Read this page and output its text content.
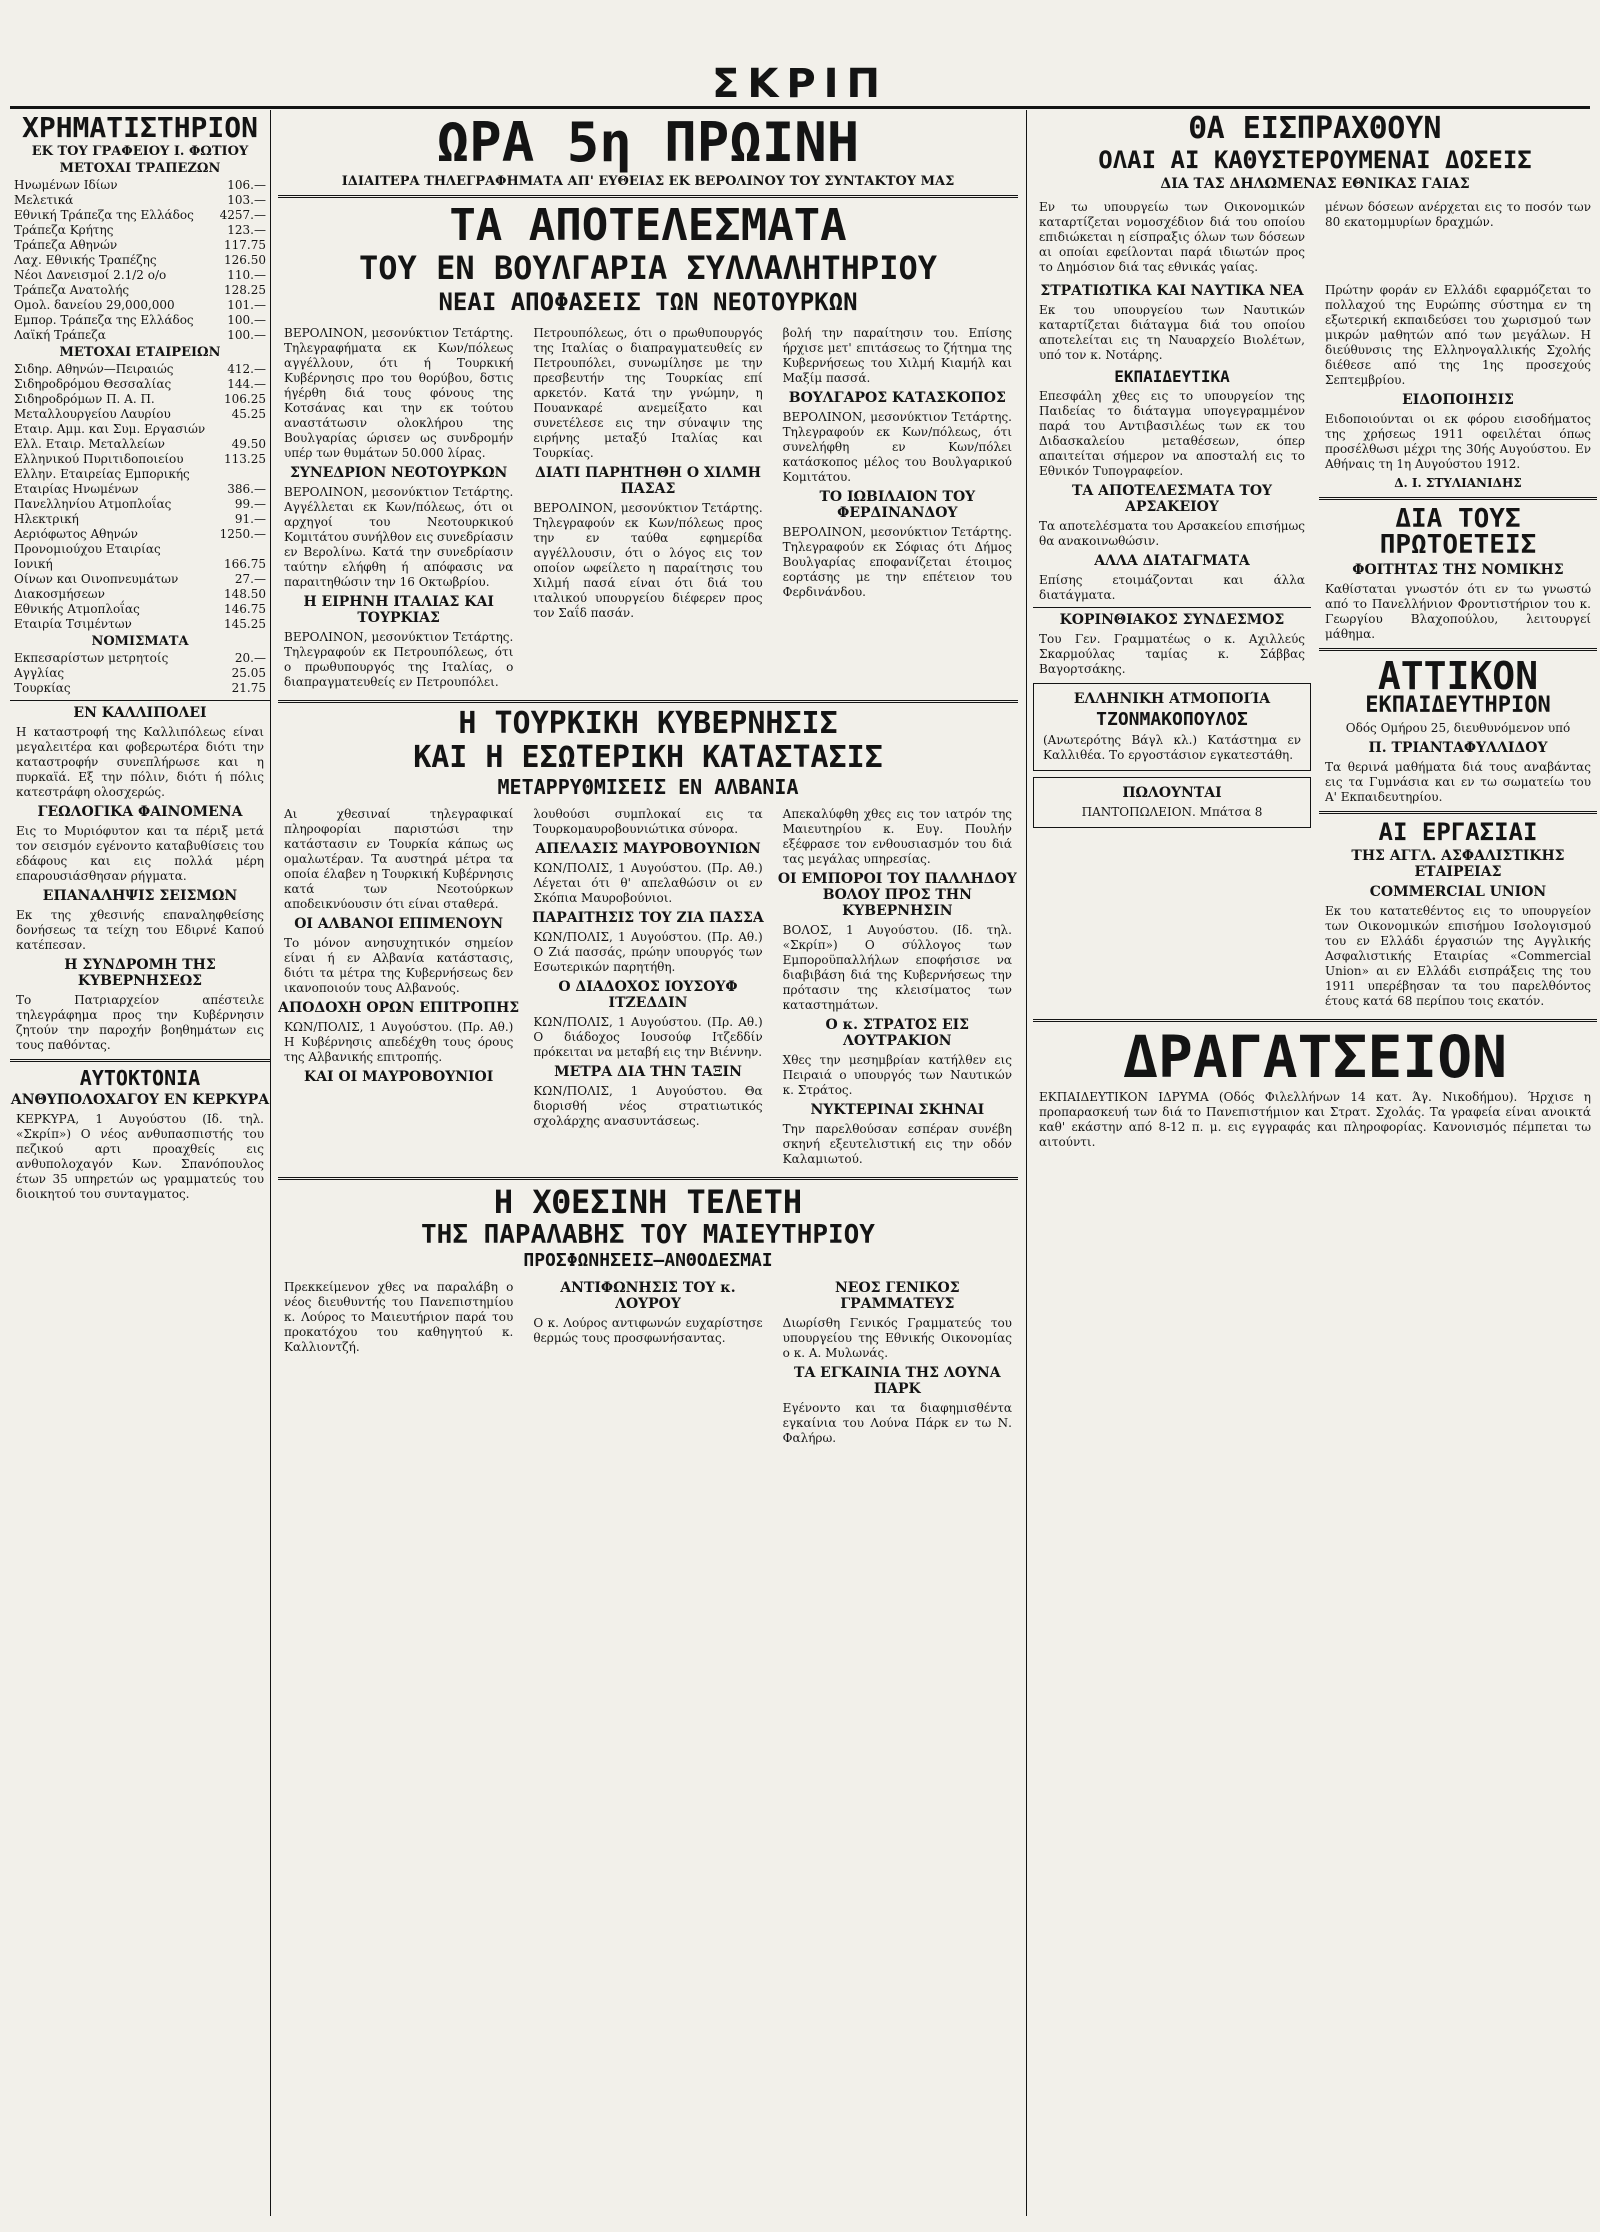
ΣΚΡΙΠ
ΧΡΗΜΑΤΙΣΤΗΡΙΟΝ
ΕΚ ΤΟΥ ΓΡΑΦΕΙΟΥ Ι. ΦΩΤΙΟΥ
ΜΕΤΟΧΑΙ ΤΡΑΠΕΖΩΝ
Ηνωμένων Ιδίων	106.—
Μελετικά	103.—
Εθνική Τράπεζα της Ελλάδος 4257.—
Τράπεζα Κρήτης	123.—
Τράπεζα Αθηνών	117.75
Λαχ. Εθνικής Τραπέζης	126.50
Νέοι Δανεισμοί 2.1/2 ο/ο	110.—
Τράπεζα Ανατολής	128.25
Ομολ. δανείου 29,000,000	101.—
Εμπορ. Τράπεζα της Ελλάδος	100.—
Λαϊκή Τράπεζα	100.—
ΜΕΤΟΧΑΙ ΕΤΑΙΡΕΙΩΝ
Σιδηρ. Αθηνών—Πειραιώς	412.—
Σιδηροδρόμου Θεσσαλίας	144.—
Σιδηροδρόμων Π. Α. Π.	106.25
Μεταλλουργείου Λαυρίου	45.25
Εταιρ. Αμμ. και Συμ. Εργασιών
Ελλ. Εταιρ. Μεταλλείων	49.50
Ελληνικού Πυριτιδοποιείου	113.25
Ελλην. Εταιρείας Εμπορικής
Εταιρίας Ηνωμένων	386.—
Πανελληνίου Ατμοπλοΐας	99.—
Ηλεκτρική	91.—
Αεριόφωτος Αθηνών	1250.—
Προνομιούχου Εταιρίας
Ιονική	166.75
Οίνων και Οινοπνευμάτων	27.—
Διακοσμήσεων	148.50
Εθνικής Ατμοπλοΐας	146.75
Εταιρία Τσιμέντων	145.25
ΝΟΜΙΣΜΑΤΑ
Εκπεσαρίστων μετρητοίς	20.—
Αγγλίας	25.05
Τουρκίας	21.75
ΕΝ ΚΑΛΛΙΠΟΛΕΙ

Η καταστροφή της Καλλιπόλεως είναι μεγαλειτέρα και φοβερωτέρα διότι την καταστροφήν συνεπλήρωσε και η πυρκαϊά. Εξ την πόλιν, διότι ή πόλις κατεστράφη ολοσχερώς.

ΓΕΩΛΟΓΙΚΑ ΦΑΙΝΟΜΕΝΑ

Εις το Μυριόφυτον και τα πέριξ μετά τον σεισμόν εγένοντο καταβυθίσεις του εδάφους και εις πολλά μέρη επαρουσιάσθησαν ρήγματα.

ΕΠΑΝΑΛΗΨΙΣ ΣΕΙΣΜΩΝ

Εκ της χθεσινής επαναληφθείσης δονήσεως τα τείχη του Εδιρνέ Καπού κατέπεσαν.

Η ΣΥΝΔΡΟΜΗ ΤΗΣ ΚΥΒΕΡΝΗΣΕΩΣ

Το Πατριαρχείον απέστειλε τηλεγράφημα προς την Κυβέρνησιν ζητούν την παροχήν βοηθημάτων εις τους παθόντας.

ΑΥΤΟΚΤΟΝΙΑ
ΑΝΘΥΠΟΛΟΧΑΓΟΥ ΕΝ ΚΕΡΚΥΡΑ

ΚΕΡΚΥΡΑ, 1 Αυγούστου (Ιδ. τηλ. «Σκρίπ») Ο νέος ανθυπασπιστής του πεζικού αρτι προαχθείς εις ανθυπολοχαγόν Κων. Σπανόπουλος έτων 35 υπηρετών ως γραμματεύς του διοικητού του συνταγματος.

ΩΡΑ 5η ΠΡΩΙΝΗ
ΙΔΙΑΙΤΕΡΑ ΤΗΛΕΓΡΑΦΗΜΑΤΑ ΑΠ' ΕΥΘΕΙΑΣ ΕΚ ΒΕΡΟΛΙΝΟΥ ΤΟΥ ΣΥΝΤΑΚΤΟΥ ΜΑΣ
ΤΑ ΑΠΟΤΕΛΕΣΜΑΤΑ
ΤΟΥ ΕΝ ΒΟΥΛΓΑΡΙΑ ΣΥΛΛΑΛΗΤΗΡΙΟΥ
ΝΕΑΙ ΑΠΟΦΑΣΕΙΣ ΤΩΝ ΝΕΟΤΟΥΡΚΩΝ

ΒΕΡΟΛΙΝΟΝ, μεσονύκτιον Τετάρτης. Τηλεγραφήματα εκ Κων/πόλεως αγγέλλουν, ότι ή Τουρκική Κυβέρνησις προ του θορύβου, δστις ήγέρθη διά τους φόνους της Κοτσάνας και την εκ τούτου αναστάτωσιν ολοκλήρου της Βουλγαρίας ώρισεν ως συνδρομήν υπέρ των θυμάτων 50.000 λίρας.

ΣΥΝΕΔΡΙΟΝ ΝΕΟΤΟΥΡΚΩΝ

ΒΕΡΟΛΙΝΟΝ, μεσονύκτιον Τετάρτης. Αγγέλλεται εκ Κων/πόλεως, ότι οι αρχηγοί του Νεοτουρκικού Κομιτάτου συνήλθον εις συνεδρίασιν εν Βερολίνω. Κατά την συνεδρίασιν ταύτην ελήφθη ή απόφασις να παραιτηθώσιν την 16 Οκτωβρίου.

Η ΕΙΡΗΝΗ ΙΤΑΛΙΑΣ ΚΑΙ ΤΟΥΡΚΙΑΣ

ΒΕΡΟΛΙΝΟΝ, μεσονύκτιον Τετάρτης. Τηλεγραφούν εκ Πετρουπόλεως, ότι ο πρωθυπουργός της Ιταλίας, ο διαπραγματευθείς εν Πετρουπόλει.

Πετρουπόλεως, ότι ο πρωθυπουργός της Ιταλίας ο διαπραγματευθείς εν Πετρουπόλει, συνωμίλησε με την πρεσβευτήν της Τουρκίας επί αρκετόν. Κατά την γνώμην, η Πουανκαρέ ανεμείξατο και συνετέλεσε εις την σύναψιν της ειρήνης μεταξύ Ιταλίας και Τουρκίας.

ΔΙΑΤΙ ΠΑΡΗΤΗΘΗ Ο ΧΙΛΜΗ ΠΑΣΑΣ

ΒΕΡΟΛΙΝΟΝ, μεσονύκτιον Τετάρτης. Τηλεγραφούν εκ Κων/πόλεως προς την εν ταύθα εφημερίδα αγγέλλουσιν, ότι ο λόγος εις τον οποίον ωφείλετο η παραίτησις του Χιλμή πασά είναι ότι διά του ιταλικού υπουργείου διέφερεν προς τον Σαΐδ πασάν.

βολή την παραίτησιν του. Επίσης ήρχισε μετ' επιτάσεως το ζήτημα της Κυβερνήσεως του Χιλμή Κιαμήλ και Μαξίμ πασσά.

ΒΟΥΛΓΑΡΟΣ ΚΑΤΑΣΚΟΠΟΣ

ΒΕΡΟΛΙΝΟΝ, μεσονύκτιον Τετάρτης. Τηλεγραφούν εκ Κων/πόλεως, ότι συνελήφθη εν Κων/πόλει κατάσκοπος μέλος του Βουλγαρικού Κομιτάτου.

ΤΟ ΙΩΒΙΛΑΙΟΝ ΤΟΥ ΦΕΡΔΙΝΑΝΔΟΥ

ΒΕΡΟΛΙΝΟΝ, μεσονύκτιον Τετάρτης. Τηλεγραφούν εκ Σόφιας ότι Δήμος Βουλγαρίας εποφανίζεται έτοιμος εορτάσης με την επέτειον του Φερδινάνδου.

Η ΤΟΥΡΚΙΚΗ ΚΥΒΕΡΝΗΣΙΣ
ΚΑΙ Η ΕΣΩΤΕΡΙΚΗ ΚΑΤΑΣΤΑΣΙΣ
ΜΕΤΑΡΡΥΘΜΙΣΕΙΣ ΕΝ ΑΛΒΑΝΙΑ

Αι χθεσιναί τηλεγραφικαί πληροφορίαι παριστώσι την κατάστασιν εν Τουρκία κάπως ως ομαλωτέραν. Τα αυστηρά μέτρα τα οποία έλαβεν η Τουρκική Κυβέρνησις κατά των Νεοτούρκων αποδεικνύουσιν ότι είναι σταθερά.

ΟΙ ΑΛΒΑΝΟΙ ΕΠΙΜΕΝΟΥΝ

Το μόνον ανησυχητικόν σημείον είναι ή εν Αλβανία κατάστασις, διότι τα μέτρα της Κυβερνήσεως δεν ικανοποιούν τους Αλβανούς.

ΑΠΟΔΟΧΗ ΟΡΩΝ ΕΠΙΤΡΟΠΗΣ

ΚΩΝ/ΠΟΛΙΣ, 1 Αυγούστου. (Πρ. Αθ.) Η Κυβέρνησις απεδέχθη τους όρους της Αλβανικής επιτροπής.

ΚΑΙ ΟΙ ΜΑΥΡΟΒΟΥΝΙΟΙ

λουθούσι συμπλοκαί εις τα Τουρκομαυροβουνιώτικα σύνορα.

ΑΠΕΛΑΣΙΣ ΜΑΥΡΟΒΟΥΝΙΩΝ

ΚΩΝ/ΠΟΛΙΣ, 1 Αυγούστου. (Πρ. Αθ.) Λέγεται ότι θ' απελαθώσιν οι εν Σκόπια Μαυροβούνιοι.

ΠΑΡΑΙΤΗΣΙΣ ΤΟΥ ΖΙΑ ΠΑΣΣΑ

ΚΩΝ/ΠΟΛΙΣ, 1 Αυγούστου. (Πρ. Αθ.) Ο Ζιά πασσάς, πρώην υπουργός των Εσωτερικών παρητήθη.

Ο ΔΙΑΔΟΧΟΣ ΙΟΥΣΟΥΦ ΙΤΖΕΔΔΙΝ

ΚΩΝ/ΠΟΛΙΣ, 1 Αυγούστου. (Πρ. Αθ.) Ο διάδοχος Ιουσούφ Ιτζεδδίν πρόκειται να μεταβή εις την Βιέννην.

ΜΕΤΡΑ ΔΙΑ ΤΗΝ ΤΑΞΙΝ

ΚΩΝ/ΠΟΛΙΣ, 1 Αυγούστου. Θα διορισθή νέος στρατιωτικός σχολάρχης ανασυντάσεως.

Απεκαλύφθη χθες εις τον ιατρόν της Μαιευτηρίου κ. Ευγ. Πουλήν εξέφρασε τον ενθουσιασμόν του διά τας μεγάλας υπηρεσίας.

ΟΙ ΕΜΠΟΡΟΙ ΤΟΥ ΠΑΛΛΗΔΟΥ ΒΟΛΟΥ ΠΡΟΣ ΤΗΝ ΚΥΒΕΡΝΗΣΙΝ

ΒΟΛΟΣ, 1 Αυγούστου. (Ιδ. τηλ. «Σκρίπ») Ο σύλλογος των Εμποροϋπαλλήλων εποφήσισε να διαβιβάση διά της Κυβερνήσεως την πρότασιν της κλεισίματος των καταστημάτων.

Ο κ. ΣΤΡΑΤΟΣ ΕΙΣ ΛΟΥΤΡΑΚΙΟΝ

Χθες την μεσημβρίαν κατήλθεν εις Πειραιά ο υπουργός των Ναυτικών κ. Στράτος.

ΝΥΚΤΕΡΙΝΑΙ ΣΚΗΝΑΙ

Την παρελθούσαν εσπέραν συνέβη σκηνή εξευτελιστική εις την οδόν Καλαμιωτού.

Η ΧΘΕΣΙΝΗ ΤΕΛΕΤΗ
ΤΗΣ ΠΑΡΑΛΑΒΗΣ ΤΟΥ ΜΑΙΕΥΤΗΡΙΟΥ
ΠΡΟΣΦΩΝΗΣΕΙΣ—ΑΝΘΟΔΕΣΜΑΙ

Πρεκκείμενον χθες να παραλάβη ο νέος διευθυντής του Πανεπιστημίου κ. Λούρος το Μαιευτήριον παρά του προκατόχου του καθηγητού κ. Καλλιοντζή.

ΑΝΤΙΦΩΝΗΣΙΣ ΤΟΥ κ. ΛΟΥΡΟΥ

Ο κ. Λούρος αντιφωνών ευχαρίστησε θερμώς τους προσφωνήσαντας.

ΝΕΟΣ ΓΕΝΙΚΟΣ ΓΡΑΜΜΑΤΕΥΣ

Διωρίσθη Γενικός Γραμματεύς του υπουργείου της Εθνικής Οικονομίας ο κ. Α. Μυλωνάς.

ΤΑ ΕΓΚΑΙΝΙΑ ΤΗΣ ΛΟΥΝΑ ΠΑΡΚ

Εγένοντο και τα διαφημισθέντα εγκαίνια του Λούνα Πάρκ εν τω Ν. Φαλήρω.

ΘΑ ΕΙΣΠΡΑΧΘΟΥΝ
ΟΛΑΙ ΑΙ ΚΑΘΥΣΤΕΡΟΥΜΕΝΑΙ ΔΟΣΕΙΣ
ΔΙΑ ΤΑΣ ΔΗΛΩΜΕΝΑΣ ΕΘΝΙΚΑΣ ΓΑΙΑΣ

Εν τω υπουργείω των Οικονομικών καταρτίζεται νομοσχέδιον διά του οποίου επιδιώκεται η είσπραξις όλων των δόσεων αι οποίαι εφείλονται παρά ιδιωτών προς το Δημόσιον διά τας εθνικάς γαίας.

μένων δόσεων ανέρχεται εις το ποσόν των 80 εκατομμυρίων δραχμών.

ΣΤΡΑΤΙΩΤΙΚΑ ΚΑΙ ΝΑΥΤΙΚΑ ΝΕΑ

Εκ του υπουργείου των Ναυτικών καταρτίζεται διάταγμα διά του οποίου αποτελείται εις τη Ναυαρχείο Βιολέτων, υπό τον κ. Νοτάρης.

ΕΚΠΑΙΔΕΥΤΙΚΑ

Επεσφάλη χθες εις το υπουργείον της Παιδείας το διάταγμα υπογεγραμμένον παρά του Αντιβασιλέως των εκ του Διδασκαλείου μεταθέσεων, όπερ απαιτείται σήμερον να αποσταλή εις το Εθνικόν Τυπογραφείον.

ΤΑ ΑΠΟΤΕΛΕΣΜΑΤΑ ΤΟΥ ΑΡΣΑΚΕΙΟΥ

Τα αποτελέσματα του Αρσακείου επισήμως θα ανακοινωθώσιν.

ΑΛΛΑ ΔΙΑΤΑΓΜΑΤΑ

Επίσης ετοιμάζονται και άλλα διατάγματα.

ΚΟΡΙΝΘΙΑΚΟΣ ΣΥΝΔΕΣΜΟΣ

Του Γεν. Γραμματέως ο κ. Αχιλλεύς Σκαρμούλας ταμίας κ. Σάββας Βαγορτσάκης.

ΕΛΛΗΝΙΚΗ ΑΤΜΟΠΟΙΊΑ
ΤΖΟΝΜΑΚΟΠΟΥΛΟΣ

(Ανωτερότης Βάγλ κλ.) Κατάστημα εν Καλλιθέα. Το εργοστάσιον εγκατεστάθη.

ΠΩΛΟΥΝΤΑΙ

ΠΑΝΤΟΠΩΛΕΙΟΝ. Μπάτσα 8

Πρώτην φοράν εν Ελλάδι εφαρμόζεται το πολλαχού της Ευρώπης σύστημα εν τη εξωτερική εκπαιδεύσει του χωρισμού των μικρών μαθητών από των μεγάλων. Η διεύθυνσις της Ελληνογαλλικής Σχολής διέθεσε από της 1ης προσεχούς Σεπτεμβρίου.

ΕΙΔΟΠΟΙΗΣΙΣ

Ειδοποιούνται οι εκ φόρου εισοδήματος της χρήσεως 1911 οφειλέται όπως προσέλθωσι μέχρι της 30ής Αυγούστου. Εν Αθήναις τη 1η Αυγούστου 1912.

Δ. Ι. ΣΤΥΛΙΑΝΙΔΗΣ

ΔΙΑ ΤΟΥΣ
ΠΡΩΤΟΕΤΕΙΣ
ΦΟΙΤΗΤΑΣ ΤΗΣ ΝΟΜΙΚΗΣ

Καθίσταται γνωστόν ότι εν τω γνωστώ από το Πανελλήνιον Φροντιστήριον του κ. Γεωργίου Βλαχοπούλου, λειτουργεί μάθημα.

ΑΤΤΙΚΟΝ
ΕΚΠΑΙΔΕΥΤΗΡΙΟΝ

Οδός Ομήρου 25, διευθυνόμενον υπό

Π. ΤΡΙΑΝΤΑΦΥΛΛΙΔΟΥ

Τα θερινά μαθήματα διά τους αναβάντας εις τα Γυμνάσια και εν τω σωματείω του Α' Εκπαιδευτηρίου.

ΑΙ ΕΡΓΑΣΙΑΙ
ΤΗΣ ΑΓΓΛ. ΑΣΦΑΛΙΣΤΙΚΗΣ ΕΤΑΙΡΕΙΑΣ
COMMERCIAL UNION

Εκ του κατατεθέντος εις το υπουργείον των Οικονομικών επισήμου Ισολογισμού του εν Ελλάδι έργασιών της Αγγλικής Ασφαλιστικής Εταιρίας «Commercial Union» αι εν Ελλάδι εισπράξεις της του 1911 υπερέβησαν τα του παρελθόντος έτους κατά 68 περίπου τοις εκατόν.

ΔΡΑΓΑΤΣΕΙΟΝ

ΕΚΠΑΙΔΕΥΤΙΚΟΝ ΙΔΡΥΜΑ (Οδός Φιλελλήνων 14 κατ. Άγ. Νικοδήμου). Ήρχισε η προπαρασκευή των διά το Πανεπιστήμιον και Στρατ. Σχολάς. Τα γραφεία είναι ανοικτά καθ' εκάστην από 8-12 π. μ. εις εγγραφάς και πληροφορίας. Κανονισμός πέμπεται τω αιτούντι.
